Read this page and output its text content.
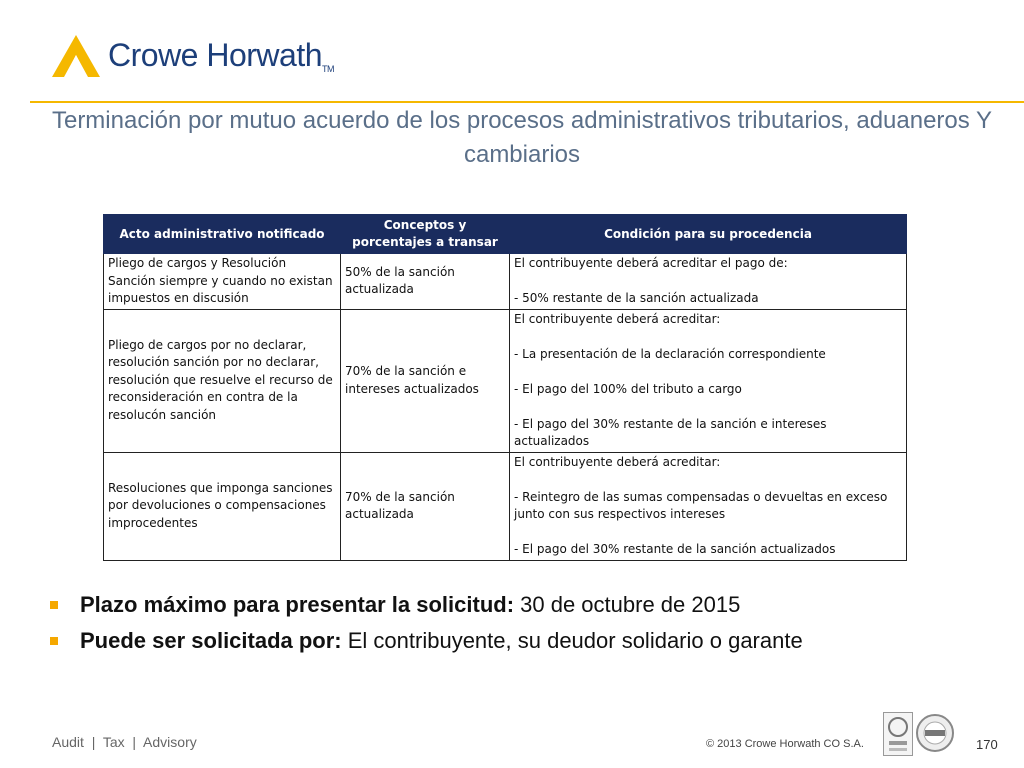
Crowe HorwathTM
Terminación por mutuo acuerdo de los procesos administrativos tributarios, aduaneros Y cambiarios
Acto administrativo notificado	Conceptos y porcentajes a transar	Condición para su procedencia
Pliego de cargos y Resolución Sanción siempre y cuando no existan impuestos en discusión	50% de la sanción actualizada	El contribuyente deberá acreditar el pago de:
- 50% restante de la sanción actualizada

Pliego de cargos por no declarar, resolución sanción por no declarar, resolución que resuelve el recurso de reconsideración en contra de la resolucón sanción	70% de la sanción e intereses actualizados	El contribuyente deberá acreditar:
- La presentación de la declaración correspondiente
- El pago del 100% del tributo a cargo
- El pago del 30% restante de la sanción e intereses actualizados

Resoluciones que imponga sanciones por devoluciones o compensaciones improcedentes	70% de la sanción actualizada	El contribuyente deberá acreditar:
- Reintegro de las sumas compensadas o devueltas en exceso junto con sus respectivos intereses
- El pago del 30% restante de la sanción actualizados
Plazo máximo para presentar la solicitud: 30 de octubre de 2015
Puede ser solicitada por: El contribuyente, su deudor solidario o garante
Audit  |  Tax  |  Advisory	© 2013 Crowe Horwath CO S.A.	170
